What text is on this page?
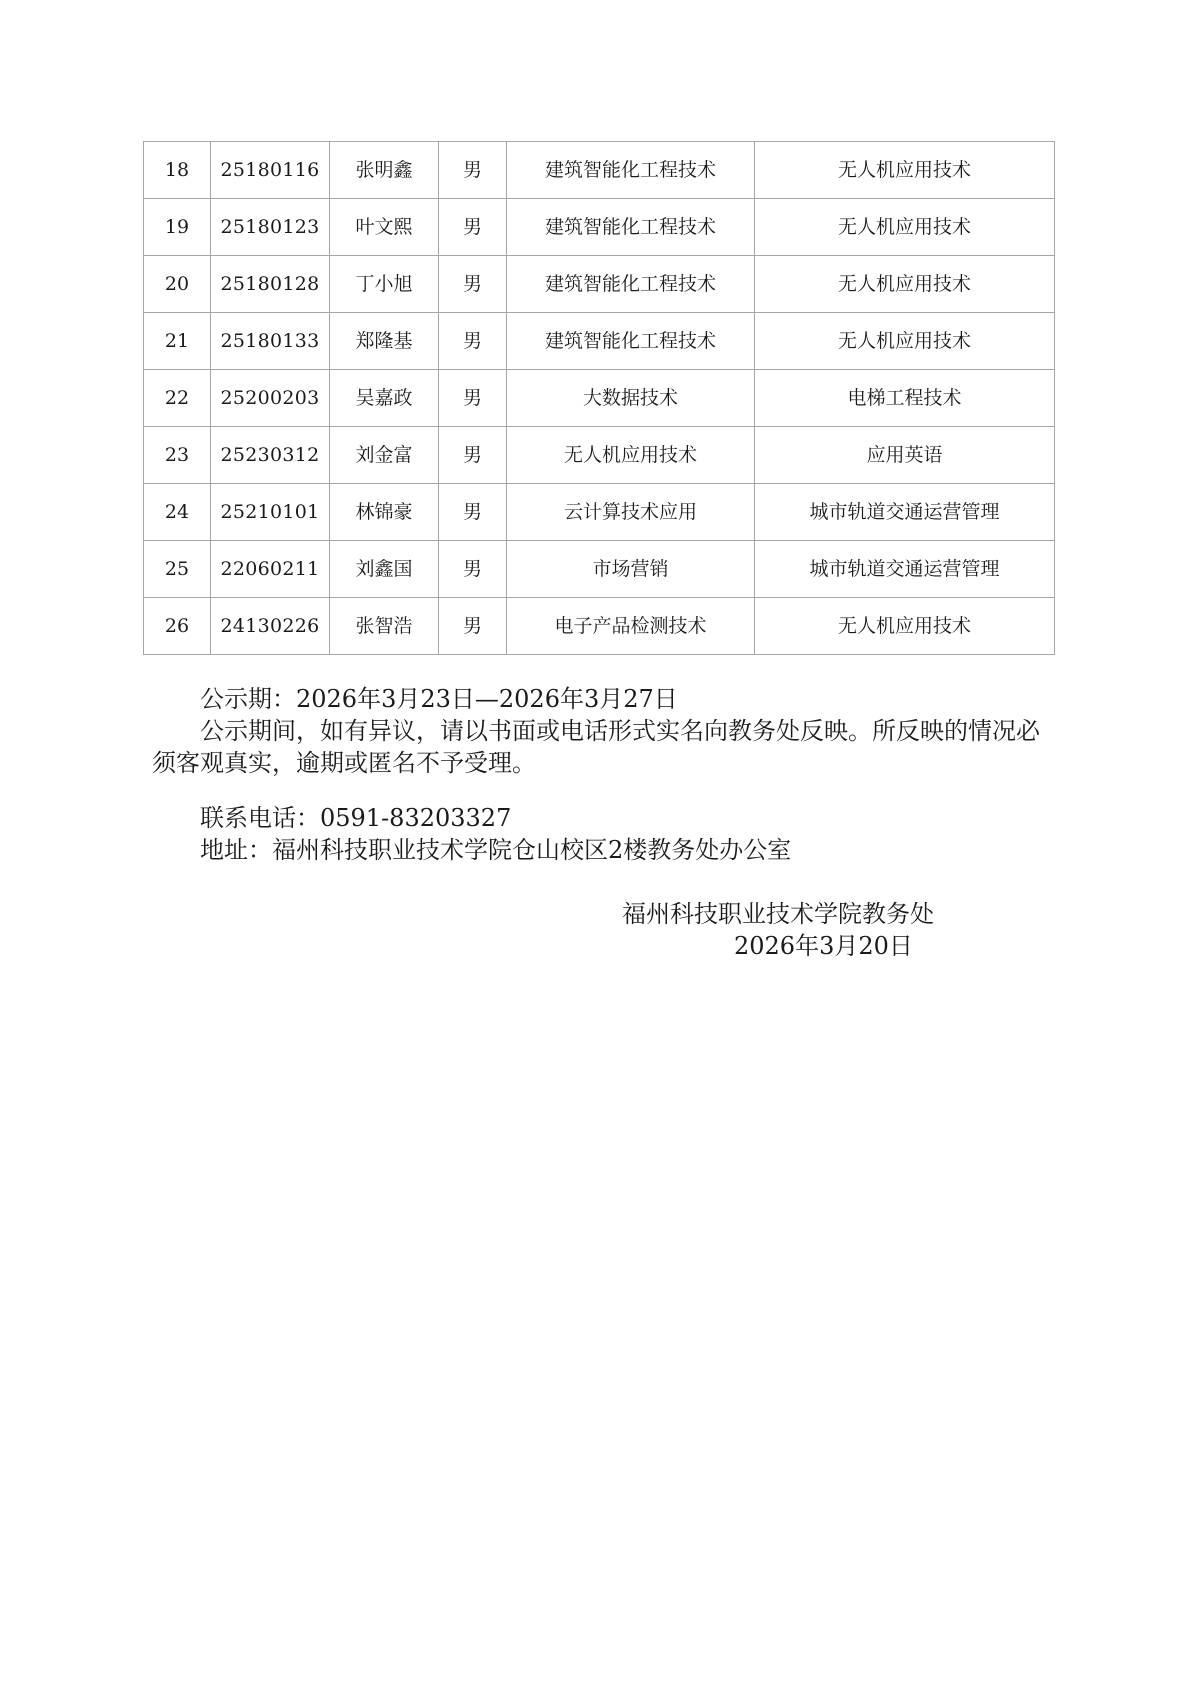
18	25180116	张明鑫	男	建筑智能化工程技术	无人机应用技术
19	25180123	叶文熙	男	建筑智能化工程技术	无人机应用技术
20	25180128	丁小旭	男	建筑智能化工程技术	无人机应用技术
21	25180133	郑隆基	男	建筑智能化工程技术	无人机应用技术
22	25200203	吴嘉政	男	大数据技术	电梯工程技术
23	25230312	刘金富	男	无人机应用技术	应用英语
24	25210101	林锦豪	男	云计算技术应用	城市轨道交通运营管理
25	22060211	刘鑫国	男	市场营销	城市轨道交通运营管理
26	24130226	张智浩	男	电子产品检测技术	无人机应用技术

公示期：2026年3月23日—2026年3月27日

公示期间，如有异议，请以书面或电话形式实名向教务处反映。所反映的情况必须客观真实，逾期或匿名不予受理。

联系电话：0591-83203327

地址：福州科技职业技术学院仓山校区2楼教务处办公室

福州科技职业技术学院教务处

2026年3月20日
